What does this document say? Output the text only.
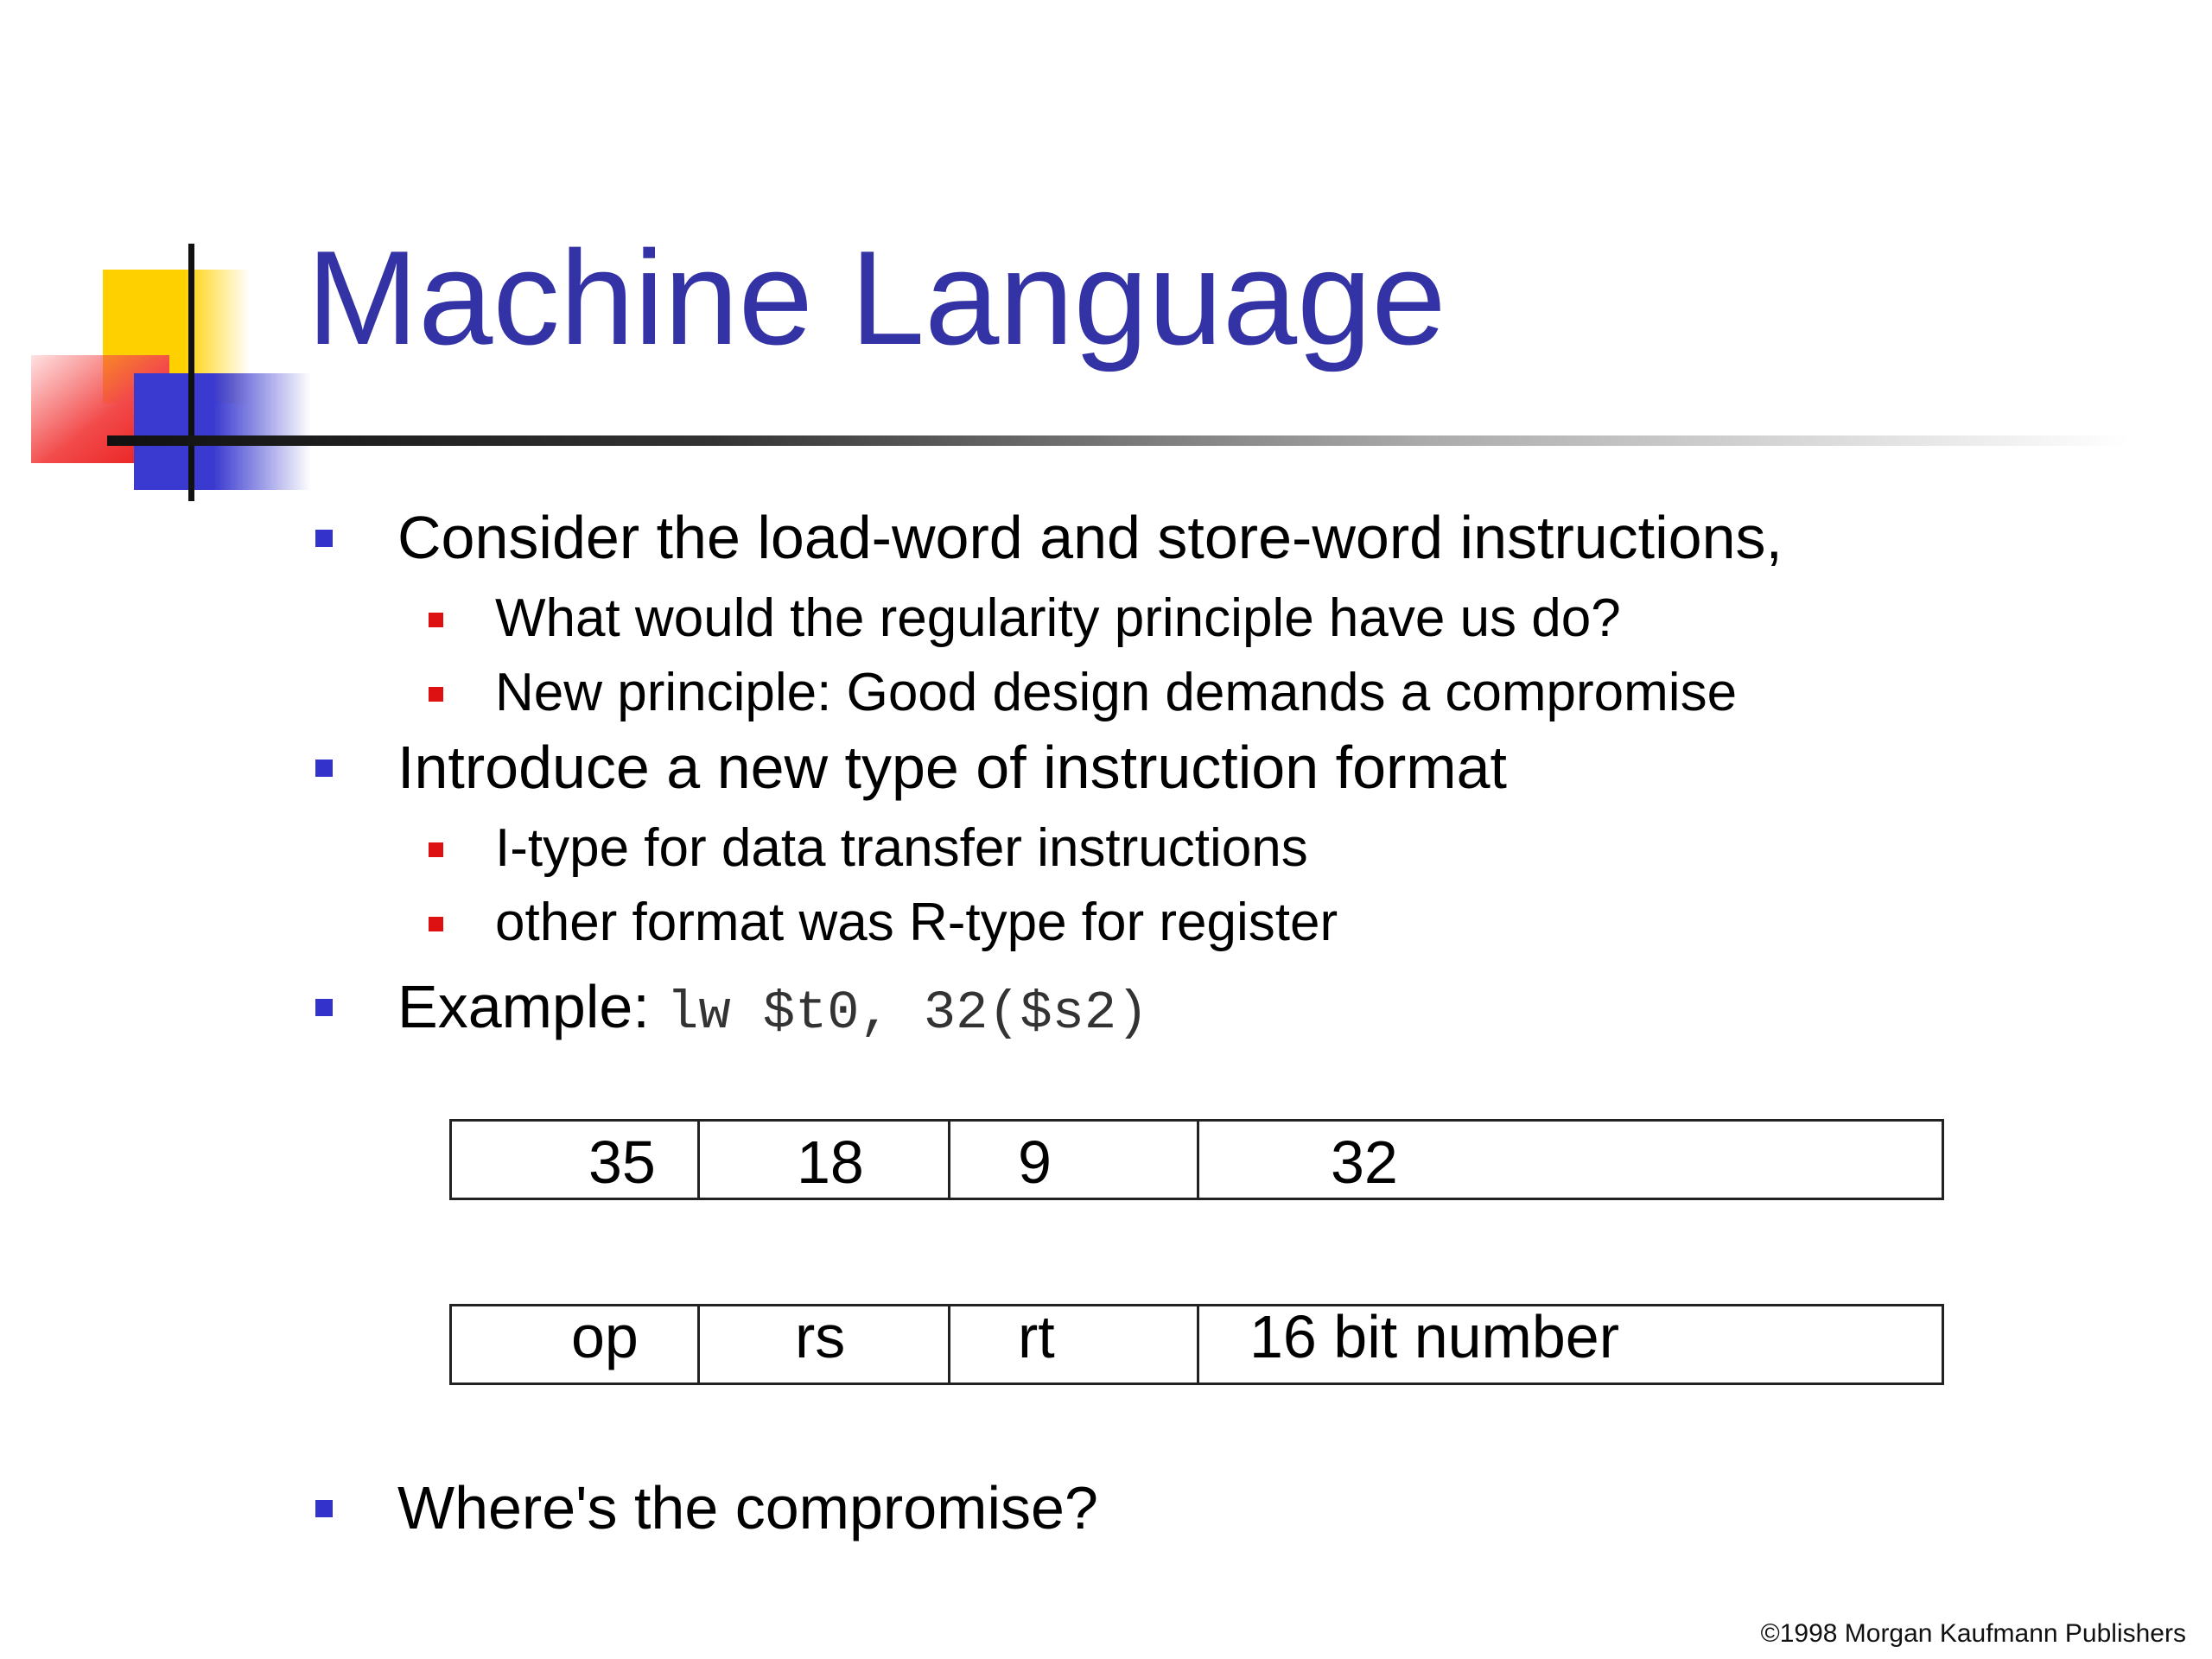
Machine Language
Consider the load-word and store-word instructions,
What would the regularity principle have us do?
New principle: Good design demands a compromise
Introduce a new type of instruction format
I-type for data transfer instructions
other format was R-type for register
Example: lw $t0, 32($s2)
35 18	9	32
op	rs	rt	16 bit number
Where's the compromise?
©1998 Morgan Kaufmann Publishers
